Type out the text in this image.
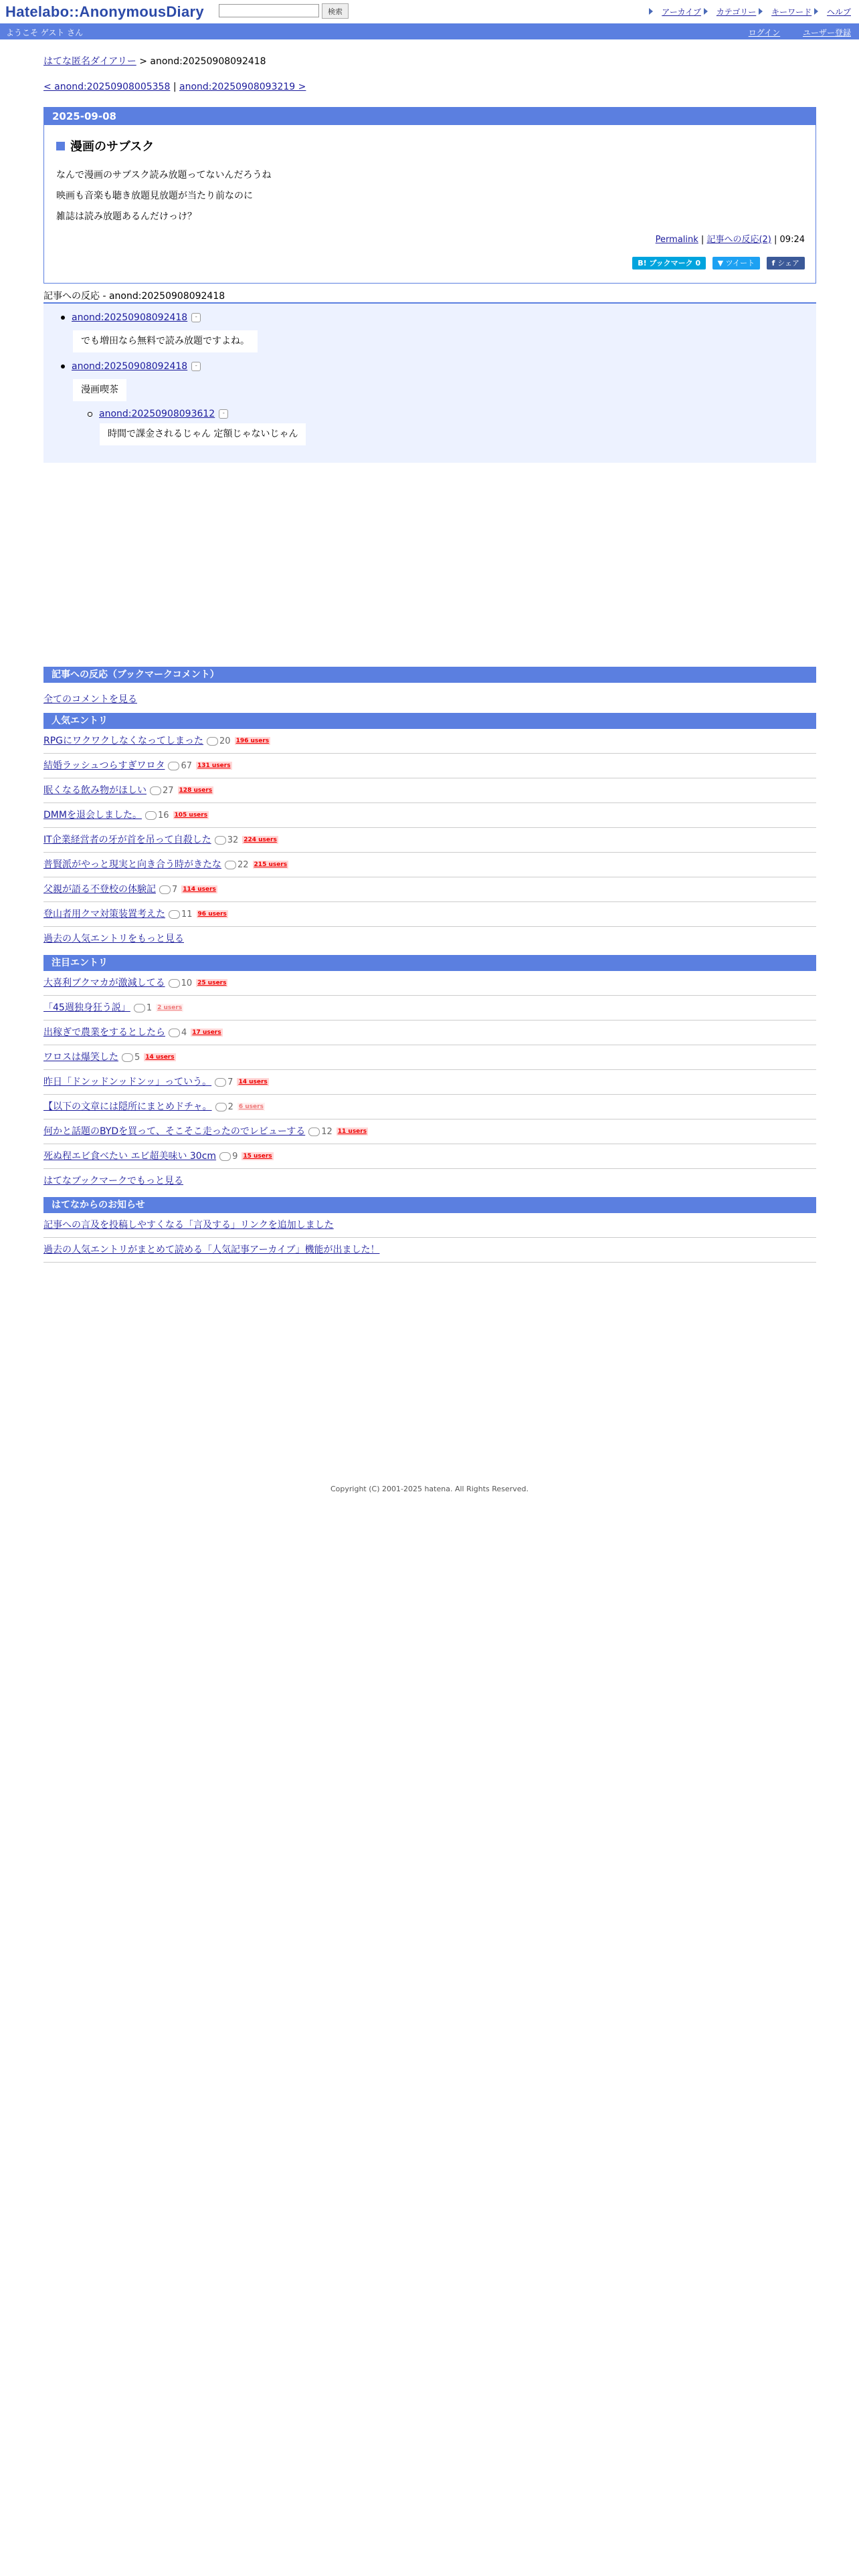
Hatelabo::AnonymousDiary	検索	アーカイブ カテゴリー キーワード ヘルプ
ようこそ ゲスト さん	ログイン	ユーザー登録
はてな匿名ダイアリー > anond:20250908092418
< anond:20250908005358 | anond:20250908093219 >
2025-09-08
漫画のサブスク
なんで漫画のサブスク読み放題ってないんだろうね
映画も音楽も聴き放題見放題が当たり前なのに
雑誌は読み放題あるんだけっけ？
Permalink | 記事への反応(2) | 09:24
B! ブックマーク 0 ▼ ツイート f シェア
記事への反応 - anond:20250908092418
anond:20250908092418 -
でも増田なら無料で読み放題ですよね。
anond:20250908092418 -
漫画喫茶
anond:20250908093612 -
時間で課金されるじゃん 定額じゃないじゃん
記事への反応（ブックマークコメント）
全てのコメントを見る
人気エントリ
RPGにワクワクしなくなってしまった 20 196 users
結婚ラッシュつらすぎワロタ 67 131 users
眠くなる飲み物がほしい 27 128 users
DMMを退会しました。 16 105 users
IT企業経営者の牙が首を吊って自殺した 32 224 users
普賢派がやっと現実と向き合う時がきたな 22 215 users
父親が語る不登校の体験記 7 114 users
登山者用クマ対策装置考えた 11 96 users
過去の人気エントリをもっと見る
注目エントリ
大喜利ブクマカが激減してる 10 25 users
「45週独身狂う説」 1 2 users
出稼ぎで農業をするとしたら 4 17 users
ワロスは爆笑した 5 14 users
昨日「ドンッドンッドンッ」っていう。 7 14 users
【以下の文章には隠所にまとめドチャ。 2 6 users
何かと話題のBYDを買って、そこそこ走ったのでレビューする 12 11 users
死ぬ程エビ食べたい エビ超美味い 30cm 9 15 users
はてなブックマークでもっと見る
はてなからのお知らせ
記事への言及を投稿しやすくなる「言及する」リンクを追加しました
過去の人気エントリがまとめて読める「人気記事アーカイブ」機能が出ました！
Copyright (C) 2001-2025 hatena. All Rights Reserved.
